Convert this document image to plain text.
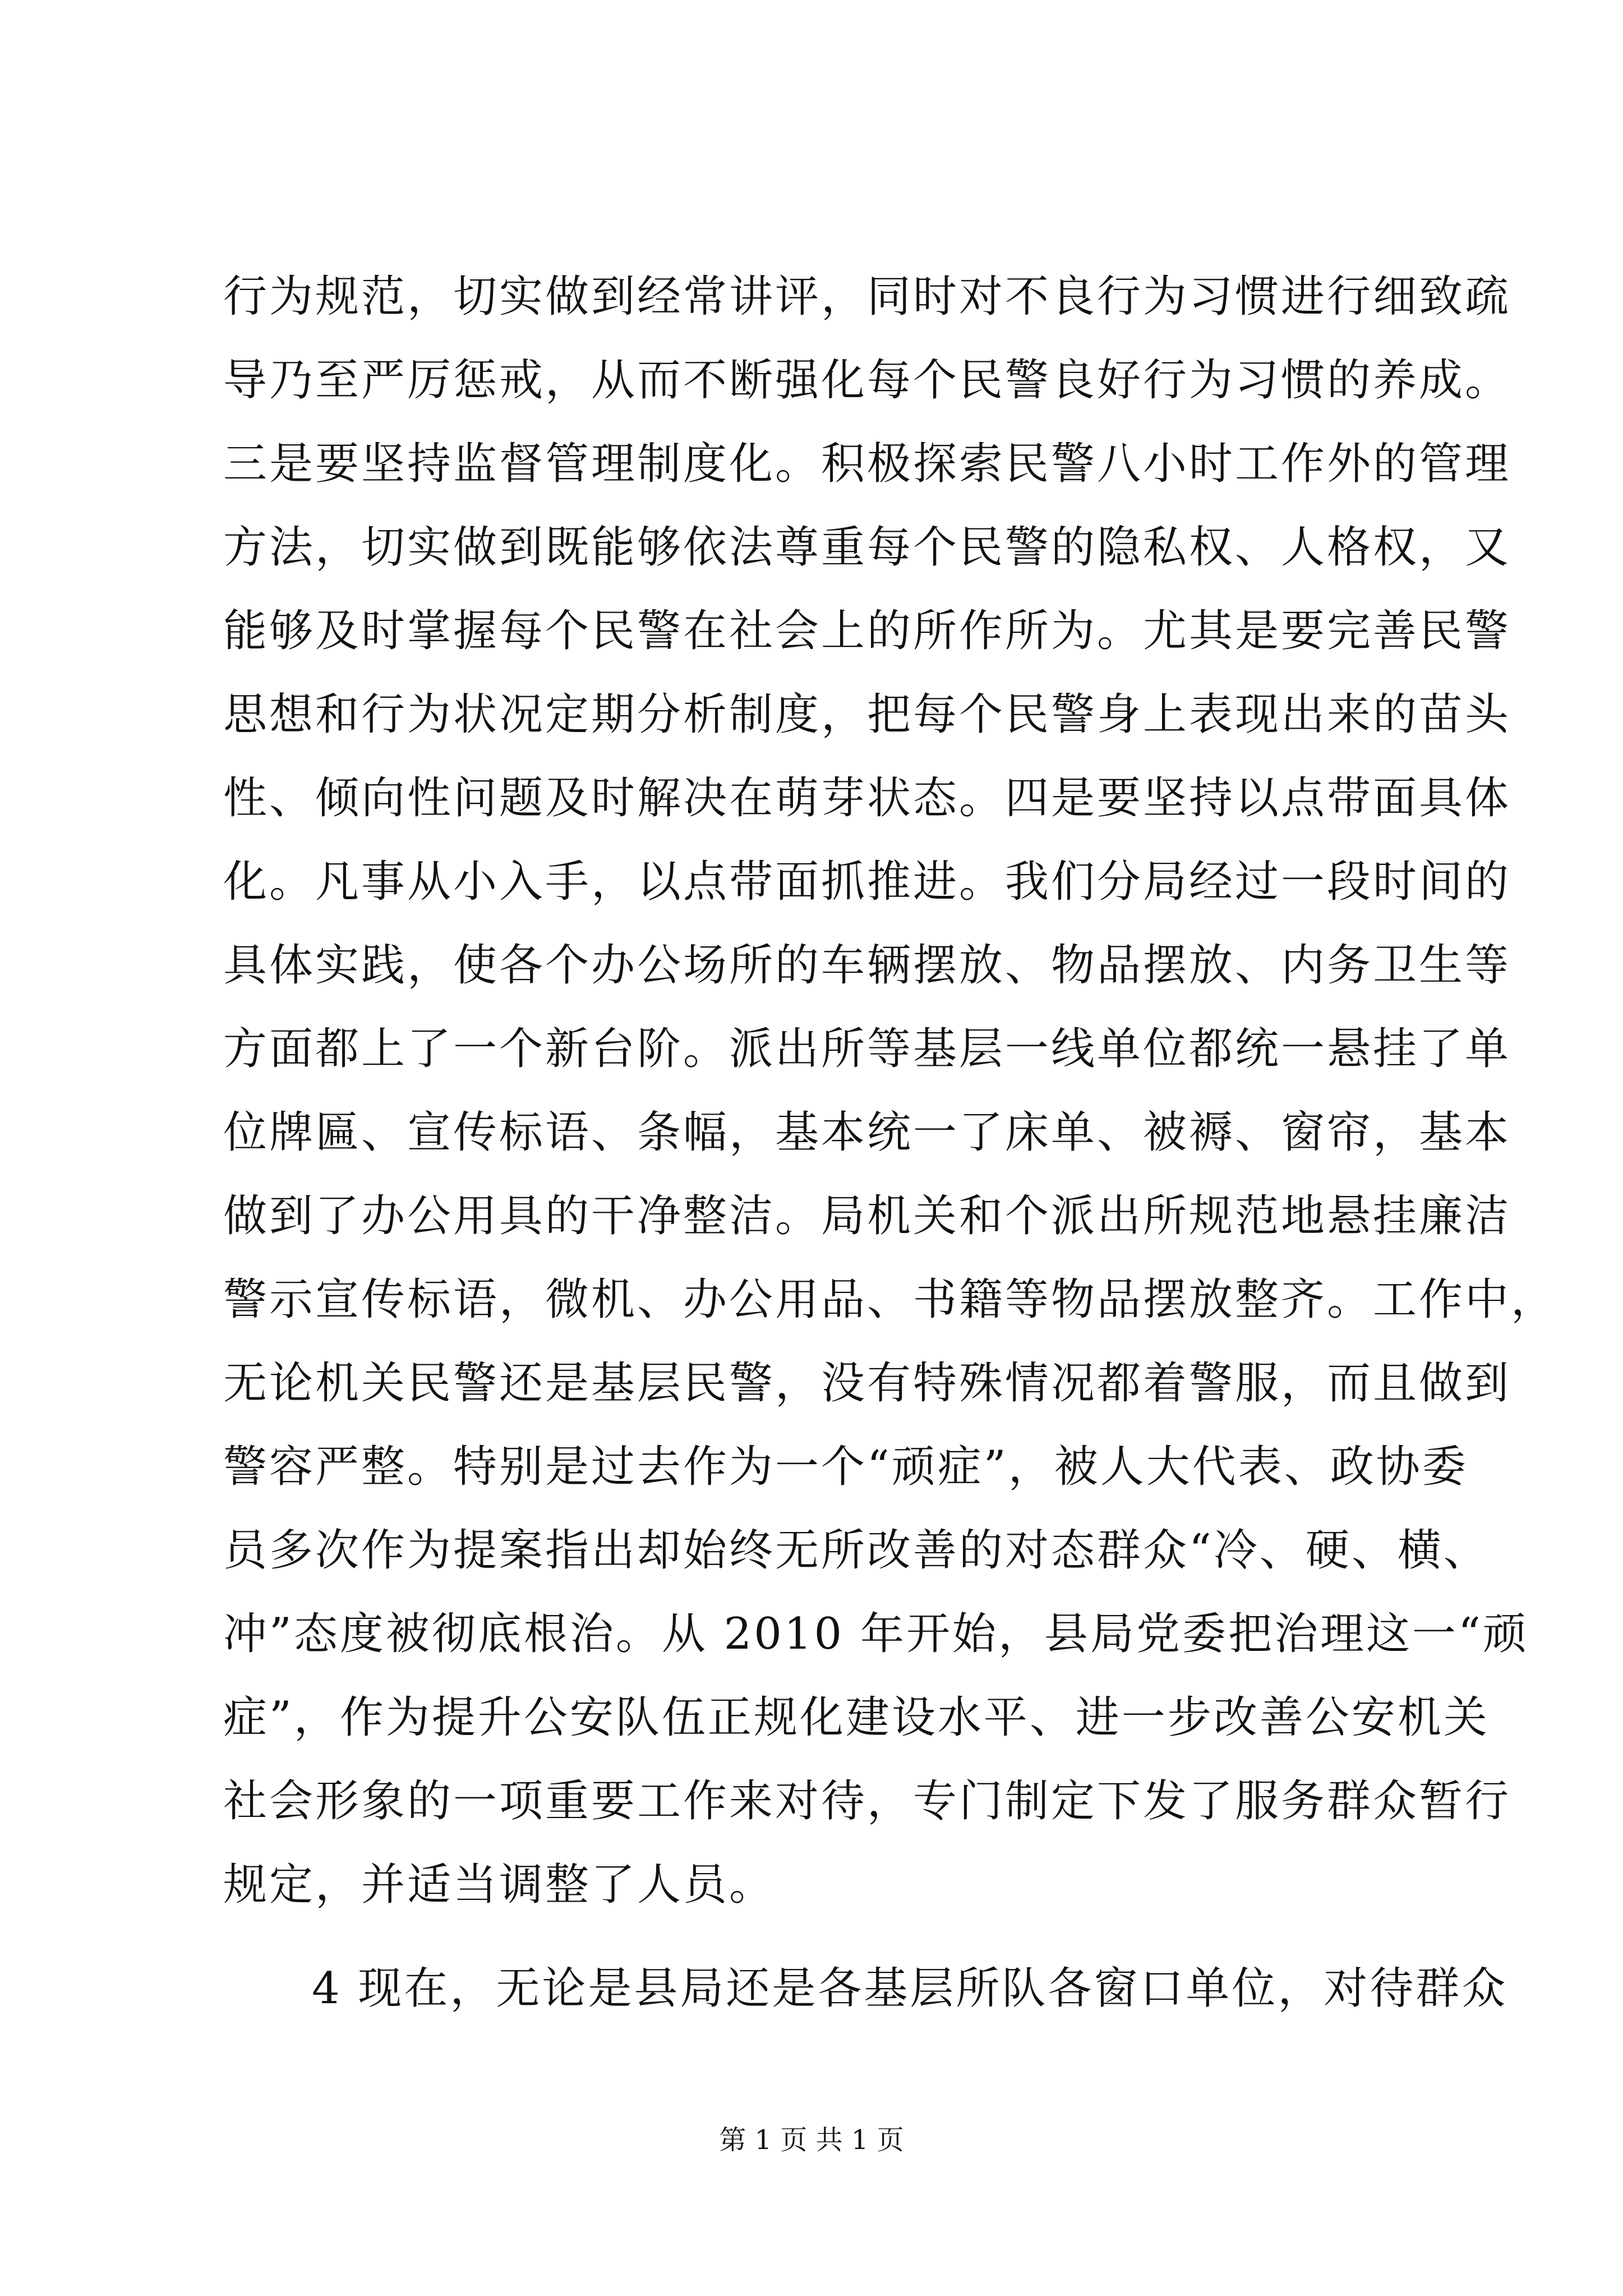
行为规范，切实做到经常讲评，同时对不良行为习惯进行细致疏
导乃至严厉惩戒，从而不断强化每个民警良好行为习惯的养成。
三是要坚持监督管理制度化。积极探索民警八小时工作外的管理
方法，切实做到既能够依法尊重每个民警的隐私权、人格权，又
能够及时掌握每个民警在社会上的所作所为。尤其是要完善民警
思想和行为状况定期分析制度，把每个民警身上表现出来的苗头
性、倾向性问题及时解决在萌芽状态。四是要坚持以点带面具体
化。凡事从小入手，以点带面抓推进。我们分局经过一段时间的
具体实践，使各个办公场所的车辆摆放、物品摆放、内务卫生等
方面都上了一个新台阶。派出所等基层一线单位都统一悬挂了单
位牌匾、宣传标语、条幅，基本统一了床单、被褥、窗帘，基本
做到了办公用具的干净整洁。局机关和个派出所规范地悬挂廉洁
警示宣传标语，微机、办公用品、书籍等物品摆放整齐。工作中，
无论机关民警还是基层民警，没有特殊情况都着警服，而且做到
警容严整。特别是过去作为一个“顽症”，被人大代表、政协委
员多次作为提案指出却始终无所改善的对态群众“冷、硬、横、
冲”态度被彻底根治。从 2010 年开始，县局党委把治理这一“顽
症”，作为提升公安队伍正规化建设水平、进一步改善公安机关
社会形象的一项重要工作来对待，专门制定下发了服务群众暂行
规定，并适当调整了人员。
4 现在，无论是县局还是各基层所队各窗口单位，对待群众
第 1 页 共 1 页
